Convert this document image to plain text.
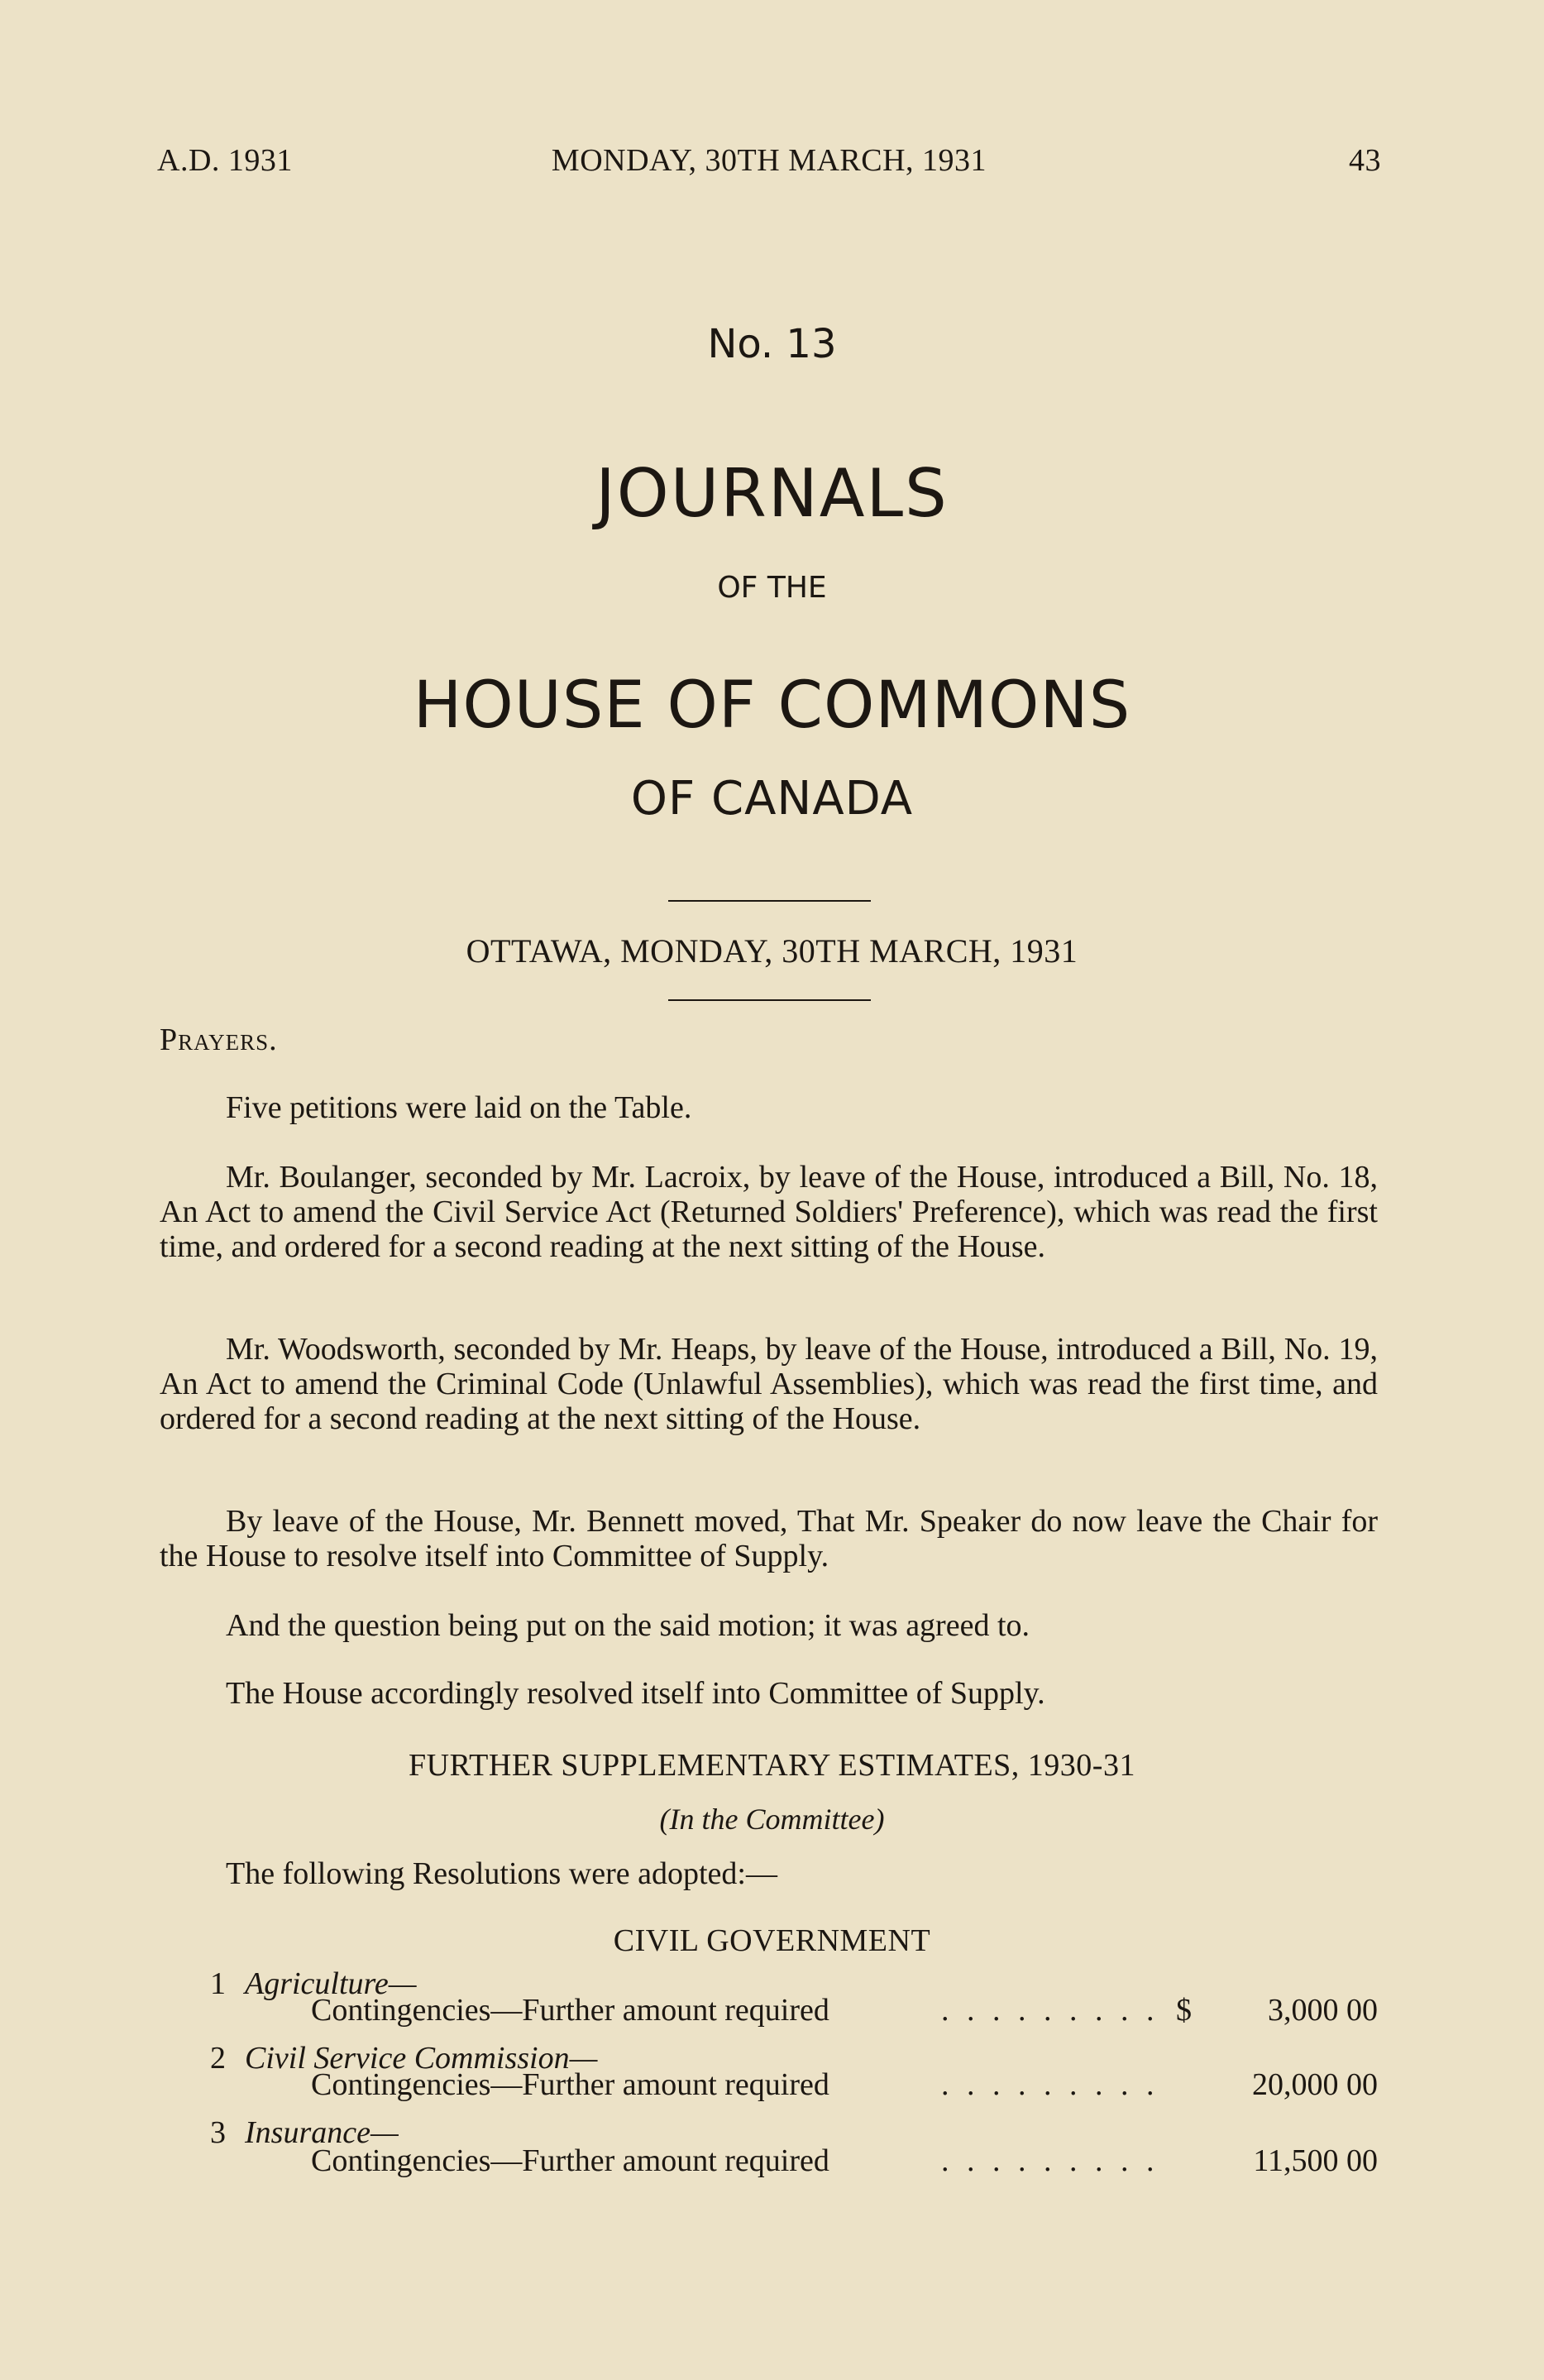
A.D. 1931	MONDAY, 30TH MARCH, 1931	43
No. 13
JOURNALS
OF THE
HOUSE OF COMMONS
OF CANADA
OTTAWA, MONDAY, 30TH MARCH, 1931
Prayers.

Five petitions were laid on the Table.

Mr. Boulanger, seconded by Mr. Lacroix, by leave of the House, introduced a Bill, No. 18, An Act to amend the Civil Service Act (Returned Soldiers' Preference), which was read the first time, and ordered for a second reading at the next sitting of the House.

Mr. Woodsworth, seconded by Mr. Heaps, by leave of the House, introduced a Bill, No. 19, An Act to amend the Criminal Code (Unlawful Assemblies), which was read the first time, and ordered for a second reading at the next sitting of the House.

By leave of the House, Mr. Bennett moved, That Mr. Speaker do now leave the Chair for the House to resolve itself into Committee of Supply.

And the question being put on the said motion; it was agreed to.

The House accordingly resolved itself into Committee of Supply.

FURTHER SUPPLEMENTARY ESTIMATES, 1930-31
(In the Committee)

The following Resolutions were adopted:—

CIVIL GOVERNMENT
1 Agriculture—
Contingencies—Further amount required	. . . . . . . . . $ 3,000 00
2 Civil Service Commission—
Contingencies—Further amount required	. . . . . . . . .	20,000 00
3 Insurance—
Contingencies—Further amount required	. . . . . . . . .	11,500 00
